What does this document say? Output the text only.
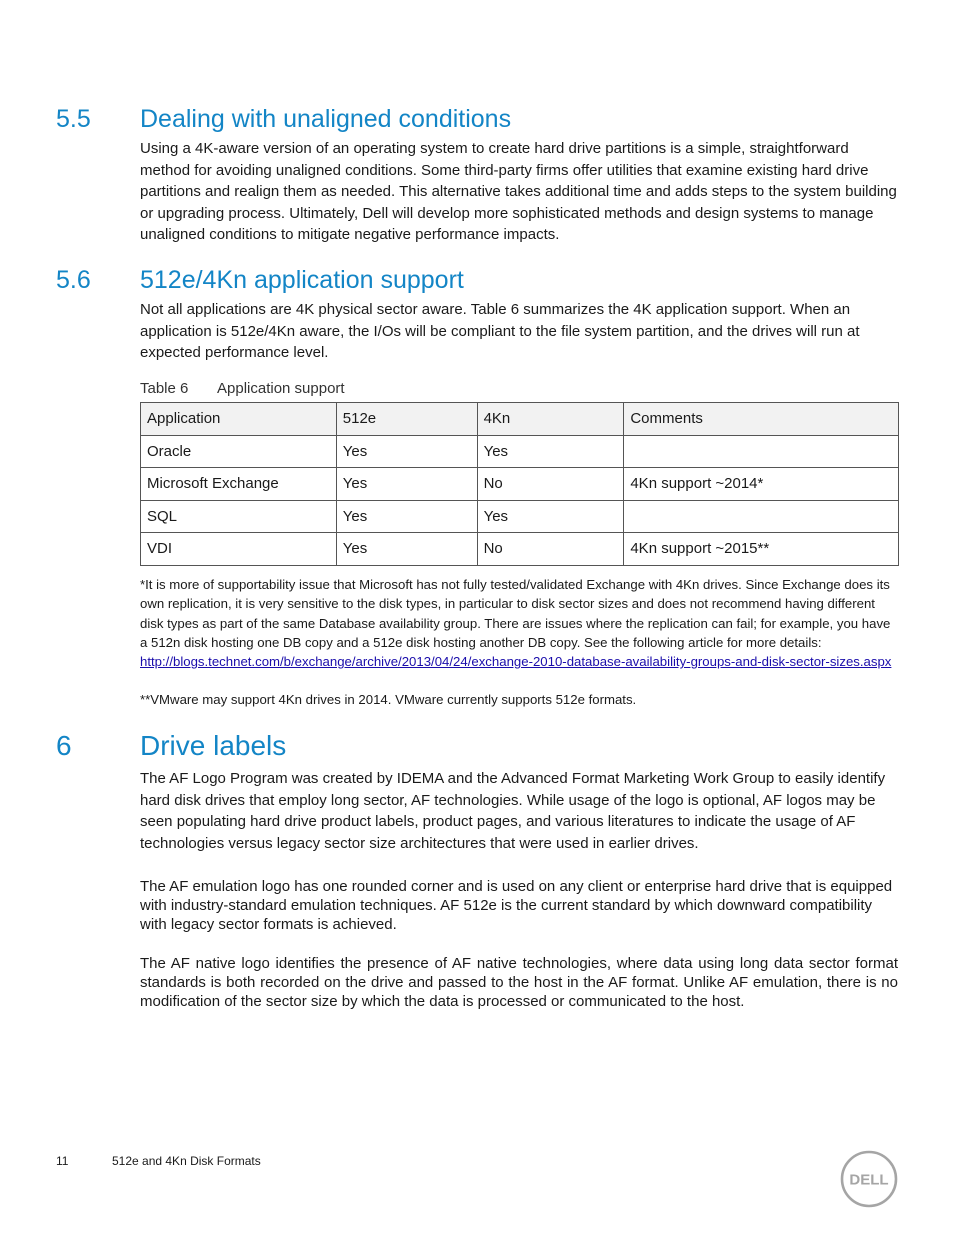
5.5 Dealing with unaligned conditions

Using a 4K-aware version of an operating system to create hard drive partitions is a simple, straightforward method for avoiding unaligned conditions. Some third-party firms offer utilities that examine existing hard drive partitions and realign them as needed. This alternative takes additional time and adds steps to the system building or upgrading process. Ultimately, Dell will develop more sophisticated methods and design systems to manage unaligned conditions to mitigate negative performance impacts.

5.6 512e/4Kn application support

Not all applications are 4K physical sector aware. Table 6 summarizes the 4K application support. When an application is 512e/4Kn aware, the I/Os will be compliant to the file system partition, and the drives will run at expected performance level.

Table 6 Application support
Application	512e	4Kn	Comments
Oracle	Yes	Yes	
Microsoft Exchange	Yes	No	4Kn support ~2014*
SQL	Yes	Yes	
VDI	Yes	No	4Kn support ~2015**

*It is more of supportability issue that Microsoft has not fully tested/validated Exchange with 4Kn drives. Since Exchange does its own replication, it is very sensitive to the disk types, in particular to disk sector sizes and does not recommend having different disk types as part of the same Database availability group. There are issues where the replication can fail; for example, you have a 512n disk hosting one DB copy and a 512e disk hosting another DB copy. See the following article for more details: http://blogs.technet.com/b/exchange/archive/2013/04/24/exchange-2010-database-availability-groups-and-disk-sector-sizes.aspx

**VMware may support 4Kn drives in 2014. VMware currently supports 512e formats.

6 Drive labels

The AF Logo Program was created by IDEMA and the Advanced Format Marketing Work Group to easily identify hard disk drives that employ long sector, AF technologies. While usage of the logo is optional, AF logos may be seen populating hard drive product labels, product pages, and various literatures to indicate the usage of AF technologies versus legacy sector size architectures that were used in earlier drives.

The AF emulation logo has one rounded corner and is used on any client or enterprise hard drive that is equipped with industry-standard emulation techniques. AF 512e is the current standard by which downward compatibility with legacy sector formats is achieved.

The AF native logo identifies the presence of AF native technologies, where data using long data sector format standards is both recorded on the drive and passed to the host in the AF format. Unlike AF emulation, there is no modification of the sector size by which the data is processed or communicated to the host.

11	512e and 4Kn Disk Formats
DELL
